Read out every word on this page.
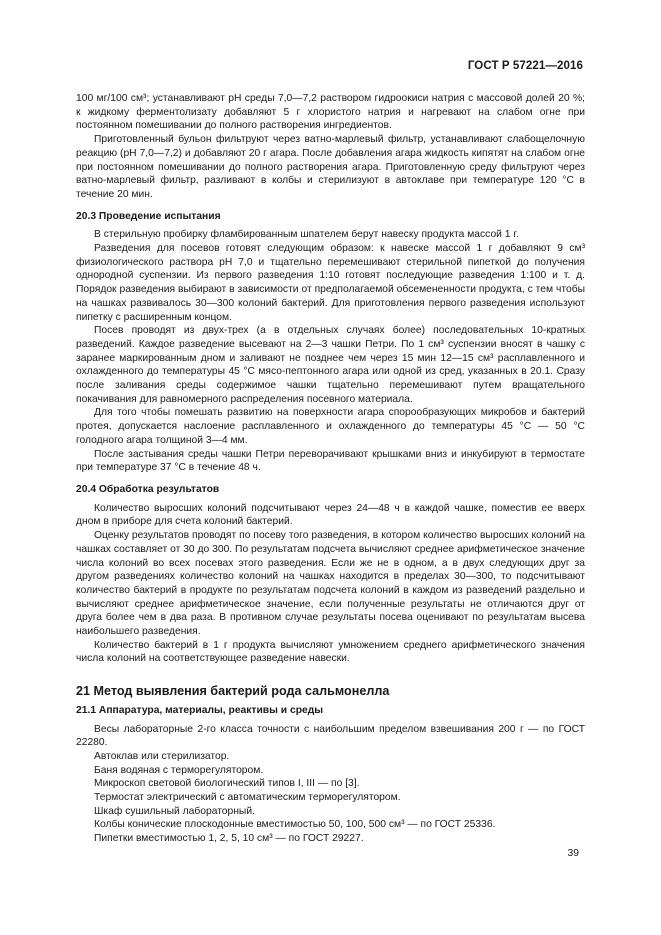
ГОСТ Р 57221—2016

100 мг/100 см³; устанавливают pH среды 7,0—7,2 раствором гидроокиси натрия с массовой долей 20 %; к жидкому ферментолизату добавляют 5 г хлористого натрия и нагревают на слабом огне при постоянном помешивании до полного растворения ингредиентов.

Приготовленный бульон фильтруют через ватно-марлевый фильтр, устанавливают слабощелочную реакцию (pH 7,0—7,2) и добавляют 20 г агара. После добавления агара жидкость кипятят на слабом огне при постоянном помешивании до полного растворения агара. Приготовленную среду фильтруют через ватно-марлевый фильтр, разливают в колбы и стерилизуют в автоклаве при температуре 120 °С в течение 20 мин.

20.3 Проведение испытания

В стерильную пробирку фламбированным шпателем берут навеску продукта массой 1 г.

Разведения для посевов готовят следующим образом: к навеске массой 1 г добавляют 9 см³ физиологического раствора pH 7,0 и тщательно перемешивают стерильной пипеткой до получения однородной суспензии. Из первого разведения 1:10 готовят последующие разведения 1:100 и т. д. Порядок разведения выбирают в зависимости от предполагаемой обсемененности продукта, с тем чтобы на чашках развивалось 30—300 колоний бактерий. Для приготовления первого разведения используют пипетку с расширенным концом.

Посев проводят из двух-трех (а в отдельных случаях более) последовательных 10-кратных разведений. Каждое разведение высевают на 2—3 чашки Петри. По 1 см³ суспензии вносят в чашку с заранее маркированным дном и заливают не позднее чем через 15 мин 12—15 см³ расплавленного и охлажденного до температуры 45 °С мясо-пептонного агара или одной из сред, указанных в 20.1. Сразу после заливания среды содержимое чашки тщательно перемешивают путем вращательного покачивания для равномерного распределения посевного материала.

Для того чтобы помешать развитию на поверхности агара спорообразующих микробов и бактерий протея, допускается наслоение расплавленного и охлажденного до температуры 45 °С — 50 °С голодного агара толщиной 3—4 мм.

После застывания среды чашки Петри переворачивают крышками вниз и инкубируют в термостате при температуре 37 °С в течение 48 ч.

20.4 Обработка результатов

Количество выросших колоний подсчитывают через 24—48 ч в каждой чашке, поместив ее вверх дном в приборе для счета колоний бактерий.

Оценку результатов проводят по посеву того разведения, в котором количество выросших колоний на чашках составляет от 30 до 300. По результатам подсчета вычисляют среднее арифметическое значение числа колоний во всех посевах этого разведения. Если же не в одном, а в двух следующих друг за другом разведениях количество колоний на чашках находится в пределах 30—300, то подсчитывают количество бактерий в продукте по результатам подсчета колоний в каждом из разведений раздельно и вычисляют среднее арифметическое значение, если полученные результаты не отличаются друг от друга более чем в два раза. В противном случае результаты посева оценивают по результатам высева наибольшего разведения.

Количество бактерий в 1 г продукта вычисляют умножением среднего арифметического значения числа колоний на соответствующее разведение навески.

21 Метод выявления бактерий рода сальмонелла
21.1 Аппаратура, материалы, реактивы и среды

Весы лабораторные 2-го класса точности с наибольшим пределом взвешивания 200 г — по ГОСТ 22280.

Автоклав или стерилизатор.

Баня водяная с терморегулятором.

Микроскоп световой биологический типов I, III — по [3].

Термостат электрический с автоматическим терморегулятором.

Шкаф сушильный лабораторный.

Колбы конические плоскодонные вместимостью 50, 100, 500 см³ — по ГОСТ 25336.

Пипетки вместимостью 1, 2, 5, 10 см³ — по ГОСТ 29227.

39
